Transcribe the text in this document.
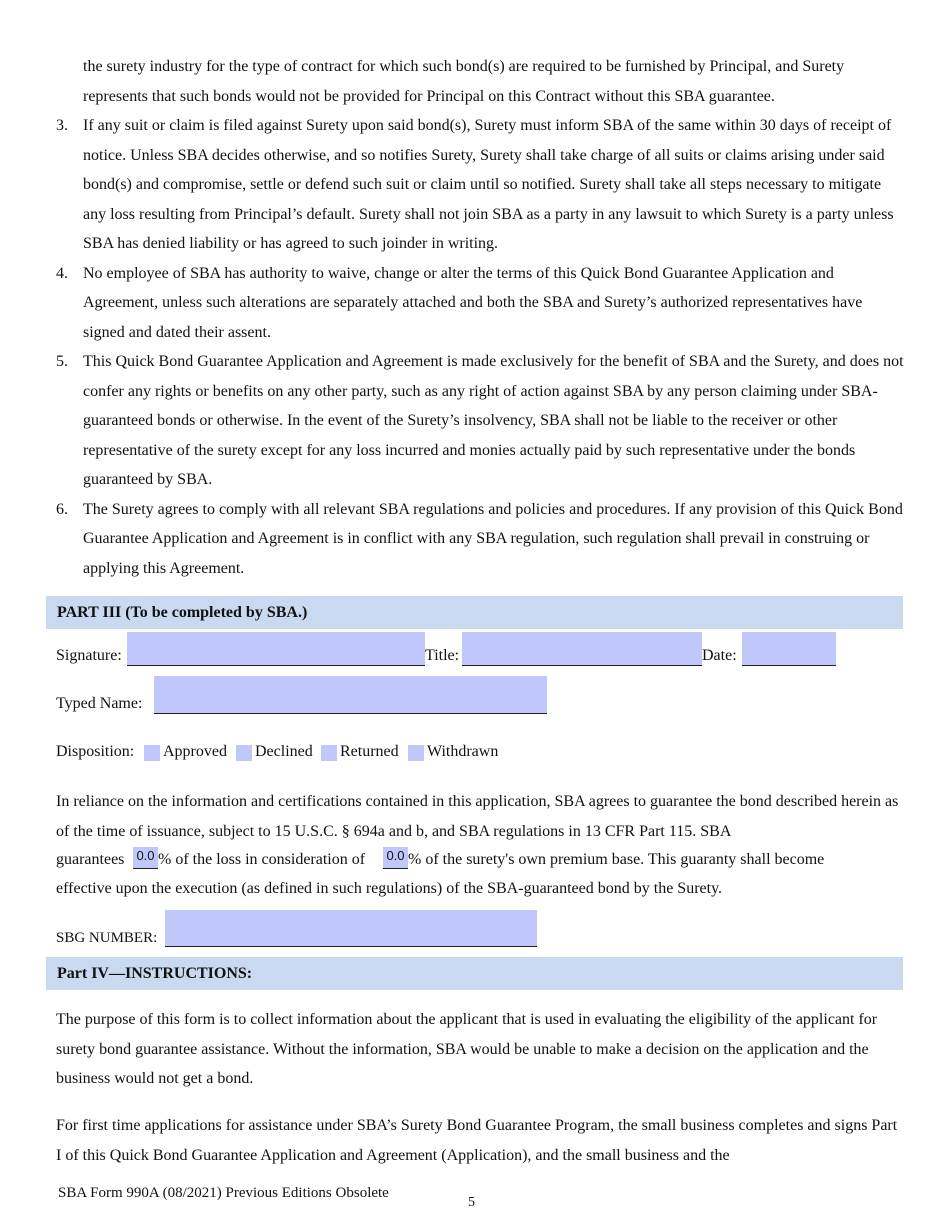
the surety industry for the type of contract for which such bond(s) are required to be furnished by Principal, and Surety represents that such bonds would not be provided for Principal on this Contract without this SBA guarantee.
3. If any suit or claim is filed against Surety upon said bond(s), Surety must inform SBA of the same within 30 days of receipt of notice. Unless SBA decides otherwise, and so notifies Surety, Surety shall take charge of all suits or claims arising under said bond(s) and compromise, settle or defend such suit or claim until so notified. Surety shall take all steps necessary to mitigate any loss resulting from Principal’s default. Surety shall not join SBA as a party in any lawsuit to which Surety is a party unless SBA has denied liability or has agreed to such joinder in writing.
4. No employee of SBA has authority to waive, change or alter the terms of this Quick Bond Guarantee Application and Agreement, unless such alterations are separately attached and both the SBA and Surety’s authorized representatives have signed and dated their assent.
5. This Quick Bond Guarantee Application and Agreement is made exclusively for the benefit of SBA and the Surety, and does not confer any rights or benefits on any other party, such as any right of action against SBA by any person claiming under SBA-guaranteed bonds or otherwise. In the event of the Surety’s insolvency, SBA shall not be liable to the receiver or other representative of the surety except for any loss incurred and monies actually paid by such representative under the bonds guaranteed by SBA.
6. The Surety agrees to comply with all relevant SBA regulations and policies and procedures. If any provision of this Quick Bond Guarantee Application and Agreement is in conflict with any SBA regulation, such regulation shall prevail in construing or applying this Agreement.
PART III (To be completed by SBA.)
Signature:	Title:	Date:
Typed Name:
Disposition: Approved Declined Returned Withdrawn
In reliance on the information and certifications contained in this application, SBA agrees to guarantee the bond described herein as of the time of issuance, subject to 15 U.S.C. § 694a and b, and SBA regulations in 13 CFR Part 115. SBA
guarantees 0.0 % of the loss in consideration of 0.0 % of the surety's own premium base. This guaranty shall become
effective upon the execution (as defined in such regulations) of the SBA-guaranteed bond by the Surety.
SBG NUMBER:
Part IV—INSTRUCTIONS:
The purpose of this form is to collect information about the applicant that is used in evaluating the eligibility of the applicant for surety bond guarantee assistance. Without the information, SBA would be unable to make a decision on the application and the business would not get a bond.
For first time applications for assistance under SBA’s Surety Bond Guarantee Program, the small business completes and signs Part I of this Quick Bond Guarantee Application and Agreement (Application), and the small business and the
SBA Form 990A (08/2021) Previous Editions Obsolete
5
